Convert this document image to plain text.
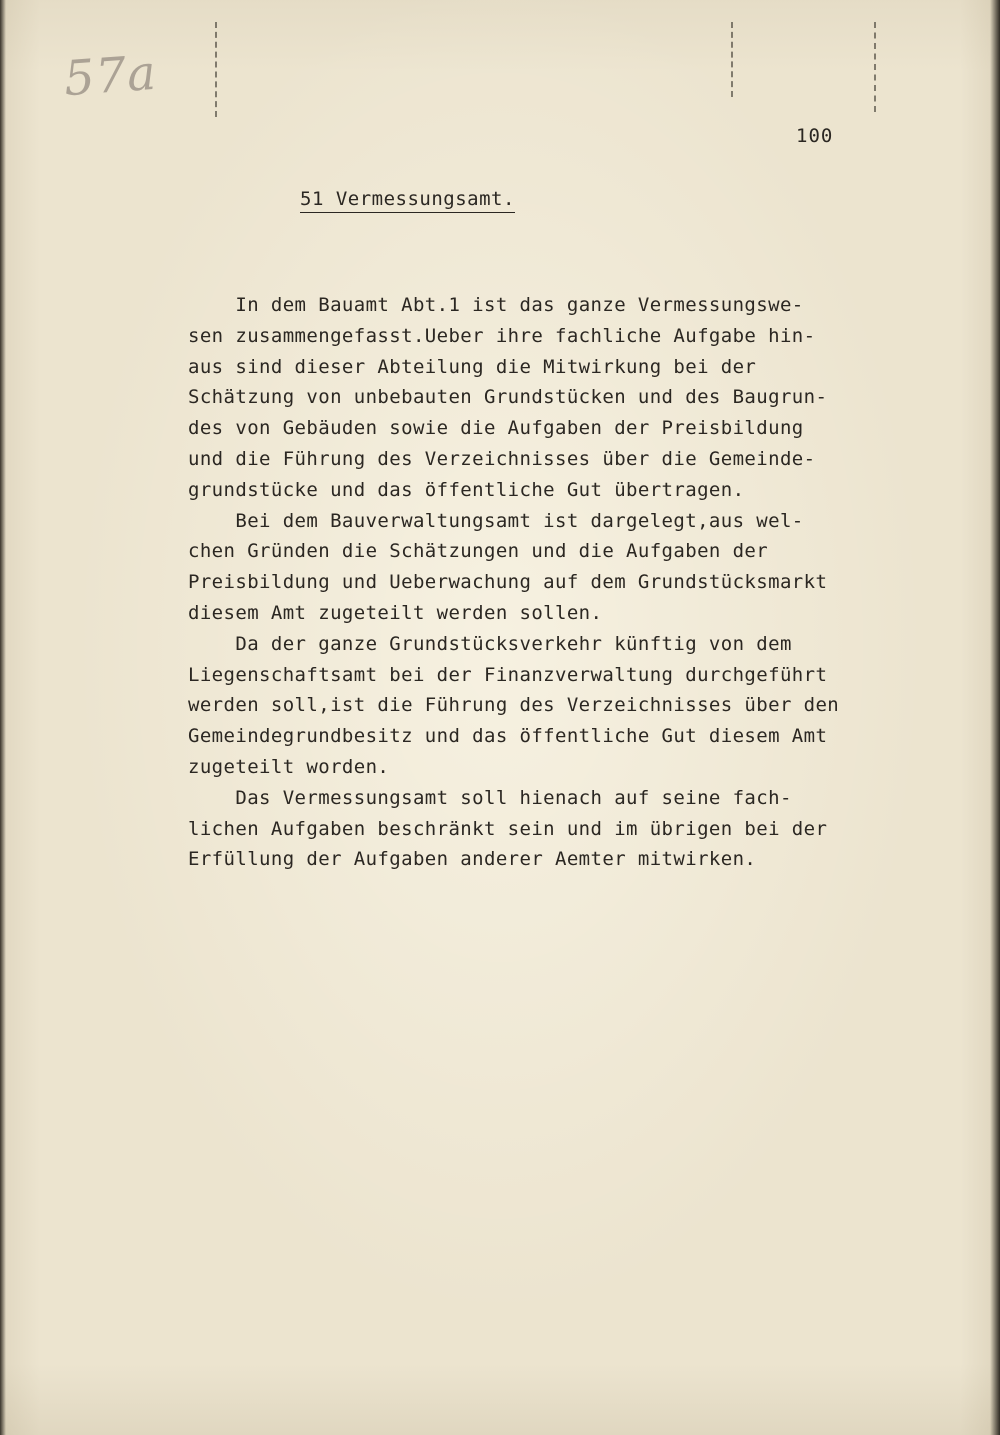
57a
100
51 Vermessungsamt.
In dem Bauamt Abt.1 ist das ganze Vermessungswe-
sen zusammengefasst.Ueber ihre fachliche Aufgabe hin-
aus sind dieser Abteilung die Mitwirkung bei der
Schätzung von unbebauten Grundstücken und des Baugrun-
des von Gebäuden sowie die Aufgaben der Preisbildung
und die Führung des Verzeichnisses über die Gemeinde-
grundstücke und das öffentliche Gut übertragen.
Bei dem Bauverwaltungsamt ist dargelegt,aus wel-
chen Gründen die Schätzungen und die Aufgaben der
Preisbildung und Ueberwachung auf dem Grundstücksmarkt
diesem Amt zugeteilt werden sollen.
Da der ganze Grundstücksverkehr künftig von dem
Liegenschaftsamt bei der Finanzverwaltung durchgeführt
werden soll,ist die Führung des Verzeichnisses über den
Gemeindegrundbesitz und das öffentliche Gut diesem Amt
zugeteilt worden.
Das Vermessungsamt soll hienach auf seine fach-
lichen Aufgaben beschränkt sein und im übrigen bei der
Erfüllung der Aufgaben anderer Aemter mitwirken.
